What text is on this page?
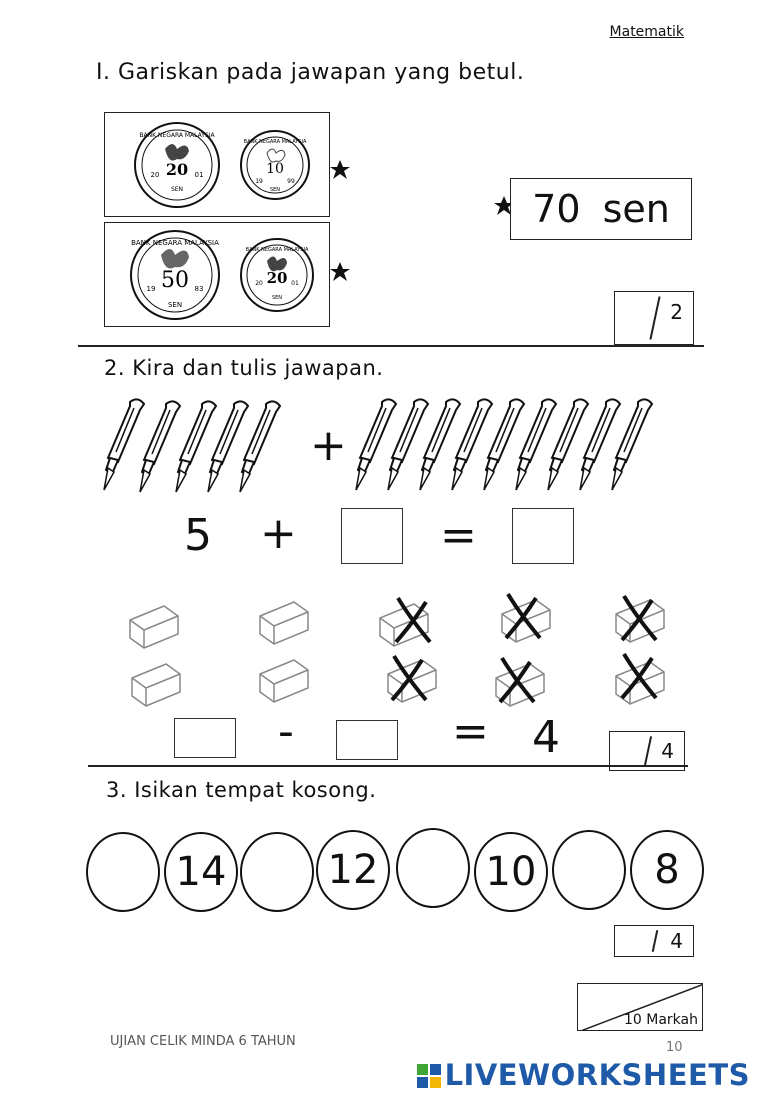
Matematik
I. Gariskan pada jawapan yang betul.
BANK NEGARA MALAYSIA
20
20	01
SEN
BANK NEGARA MALAYSIA
10
19	99
SEN
BANK NEGARA MALAYSIA
50
19	83
SEN
BANK NEGARA MALAYSIA
20
20	01
SEN
70 sen
2
2. Kira dan tulis jawapan.
+
5 +	=
-	= 4	4
3. Isikan tempat kosong.
14	12	10	8
4
10 Markah
UJIAN CELIK MINDA 6 TAHUN	10
LIVEWORKSHEETS
